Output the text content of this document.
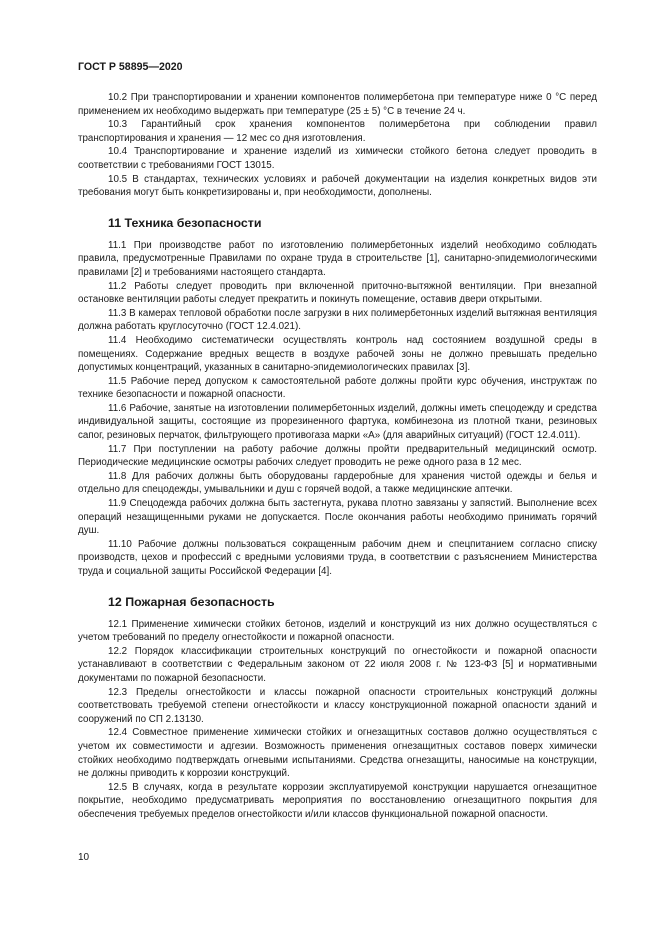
ГОСТ Р 58895—2020

10.2 При транспортировании и хранении компонентов полимербетона при температуре ниже 0 °С перед применением их необходимо выдержать при температуре (25 ± 5) °С в течение 24 ч.

10.3 Гарантийный срок хранения компонентов полимербетона при соблюдении правил транспортирования и хранения — 12 мес со дня изготовления.

10.4 Транспортирование и хранение изделий из химически стойкого бетона следует проводить в соответствии с требованиями ГОСТ 13015.

10.5 В стандартах, технических условиях и рабочей документации на изделия конкретных видов эти требования могут быть конкретизированы и, при необходимости, дополнены.

11 Техника безопасности

11.1 При производстве работ по изготовлению полимербетонных изделий необходимо соблюдать правила, предусмотренные Правилами по охране труда в строительстве [1], санитарно-эпидемиологическими правилами [2] и требованиями настоящего стандарта.

11.2 Работы следует проводить при включенной приточно-вытяжной вентиляции. При внезапной остановке вентиляции работы следует прекратить и покинуть помещение, оставив двери открытыми.

11.3 В камерах тепловой обработки после загрузки в них полимербетонных изделий вытяжная вентиляция должна работать круглосуточно (ГОСТ 12.4.021).

11.4 Необходимо систематически осуществлять контроль над состоянием воздушной среды в помещениях. Содержание вредных веществ в воздухе рабочей зоны не должно превышать предельно допустимых концентраций, указанных в санитарно-эпидемиологических правилах [3].

11.5 Рабочие перед допуском к самостоятельной работе должны пройти курс обучения, инструктаж по технике безопасности и пожарной опасности.

11.6 Рабочие, занятые на изготовлении полимербетонных изделий, должны иметь спецодежду и средства индивидуальной защиты, состоящие из прорезиненного фартука, комбинезона из плотной ткани, резиновых сапог, резиновых перчаток, фильтрующего противогаза марки «А» (для аварийных ситуаций) (ГОСТ 12.4.011).

11.7 При поступлении на работу рабочие должны пройти предварительный медицинский осмотр. Периодические медицинские осмотры рабочих следует проводить не реже одного раза в 12 мес.

11.8 Для рабочих должны быть оборудованы гардеробные для хранения чистой одежды и белья и отдельно для спецодежды, умывальники и душ с горячей водой, а также медицинские аптечки.

11.9 Спецодежда рабочих должна быть застегнута, рукава плотно завязаны у запястий. Выполнение всех операций незащищенными руками не допускается. После окончания работы необходимо принимать горячий душ.

11.10 Рабочие должны пользоваться сокращенным рабочим днем и спецпитанием согласно списку производств, цехов и профессий с вредными условиями труда, в соответствии с разъяснением Министерства труда и социальной защиты Российской Федерации [4].

12 Пожарная безопасность

12.1 Применение химически стойких бетонов, изделий и конструкций из них должно осуществляться с учетом требований по пределу огнестойкости и пожарной опасности.

12.2 Порядок классификации строительных конструкций по огнестойкости и пожарной опасности устанавливают в соответствии с Федеральным законом от 22 июля 2008 г. № 123-ФЗ [5] и нормативными документами по пожарной безопасности.

12.3 Пределы огнестойкости и классы пожарной опасности строительных конструкций должны соответствовать требуемой степени огнестойкости и классу конструкционной пожарной опасности зданий и сооружений по СП 2.13130.

12.4 Совместное применение химически стойких и огнезащитных составов должно осуществляться с учетом их совместимости и адгезии. Возможность применения огнезащитных составов поверх химически стойких необходимо подтверждать огневыми испытаниями. Средства огнезащиты, наносимые на конструкции, не должны приводить к коррозии конструкций.

12.5 В случаях, когда в результате коррозии эксплуатируемой конструкции нарушается огнезащитное покрытие, необходимо предусматривать мероприятия по восстановлению огнезащитного покрытия для обеспечения требуемых пределов огнестойкости и/или классов функциональной пожарной опасности.

10
